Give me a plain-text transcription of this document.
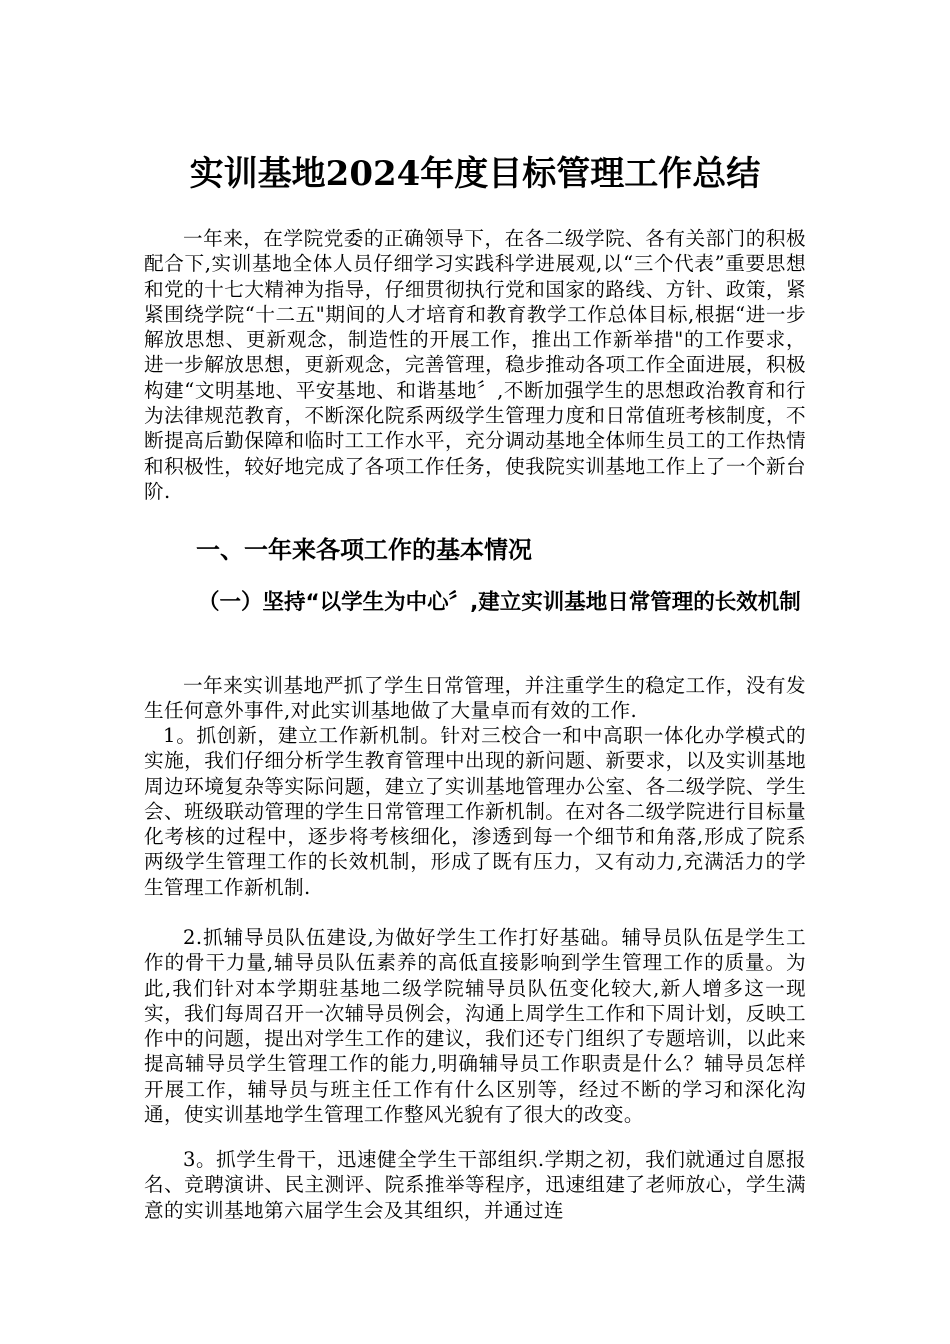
实训基地2024年度目标管理工作总结

一年来，在学院党委的正确领导下，在各二级学院、各有关部门的积极配合下,实训基地全体人员仔细学习实践科学进展观,以“三个代表”重要思想和党的十七大精神为指导，仔细贯彻执行党和国家的路线、方针、政策，紧紧围绕学院“十二五"期间的人才培育和教育教学工作总体目标,根据“进一步解放思想、更新观念，制造性的开展工作，推出工作新举措"的工作要求，进一步解放思想，更新观念，完善管理，稳步推动各项工作全面进展，积极构建“文明基地、平安基地、和谐基地〞,不断加强学生的思想政治教育和行为法律规范教育，不断深化院系两级学生管理力度和日常值班考核制度，不断提高后勤保障和临时工工作水平，充分调动基地全体师生员工的工作热情和积极性，较好地完成了各项工作任务，使我院实训基地工作上了一个新台阶.

一、一年来各项工作的基本情况
（一）坚持“以学生为中心〞,建立实训基地日常管理的长效机制

一年来实训基地严抓了学生日常管理，并注重学生的稳定工作，没有发生任何意外事件,对此实训基地做了大量卓而有效的工作.

1。抓创新，建立工作新机制。针对三校合一和中高职一体化办学模式的实施，我们仔细分析学生教育管理中出现的新问题、新要求，以及实训基地周边环境复杂等实际问题，建立了实训基地管理办公室、各二级学院、学生会、班级联动管理的学生日常管理工作新机制。在对各二级学院进行目标量化考核的过程中，逐步将考核细化，渗透到每一个细节和角落,形成了院系两级学生管理工作的长效机制，形成了既有压力，又有动力,充满活力的学生管理工作新机制.

2.抓辅导员队伍建设,为做好学生工作打好基础。辅导员队伍是学生工作的骨干力量,辅导员队伍素养的高低直接影响到学生管理工作的质量。为此,我们针对本学期驻基地二级学院辅导员队伍变化较大,新人增多这一现实，我们每周召开一次辅导员例会，沟通上周学生工作和下周计划，反映工作中的问题，提出对学生工作的建议，我们还专门组织了专题培训，以此来提高辅导员学生管理工作的能力,明确辅导员工作职责是什么？辅导员怎样开展工作，辅导员与班主任工作有什么区别等，经过不断的学习和深化沟通，使实训基地学生管理工作整风光貌有了很大的改变。

3。抓学生骨干，迅速健全学生干部组织.学期之初，我们就通过自愿报名、竞聘演讲、民主测评、院系推举等程序，迅速组建了老师放心，学生满意的实训基地第六届学生会及其组织，并通过连
